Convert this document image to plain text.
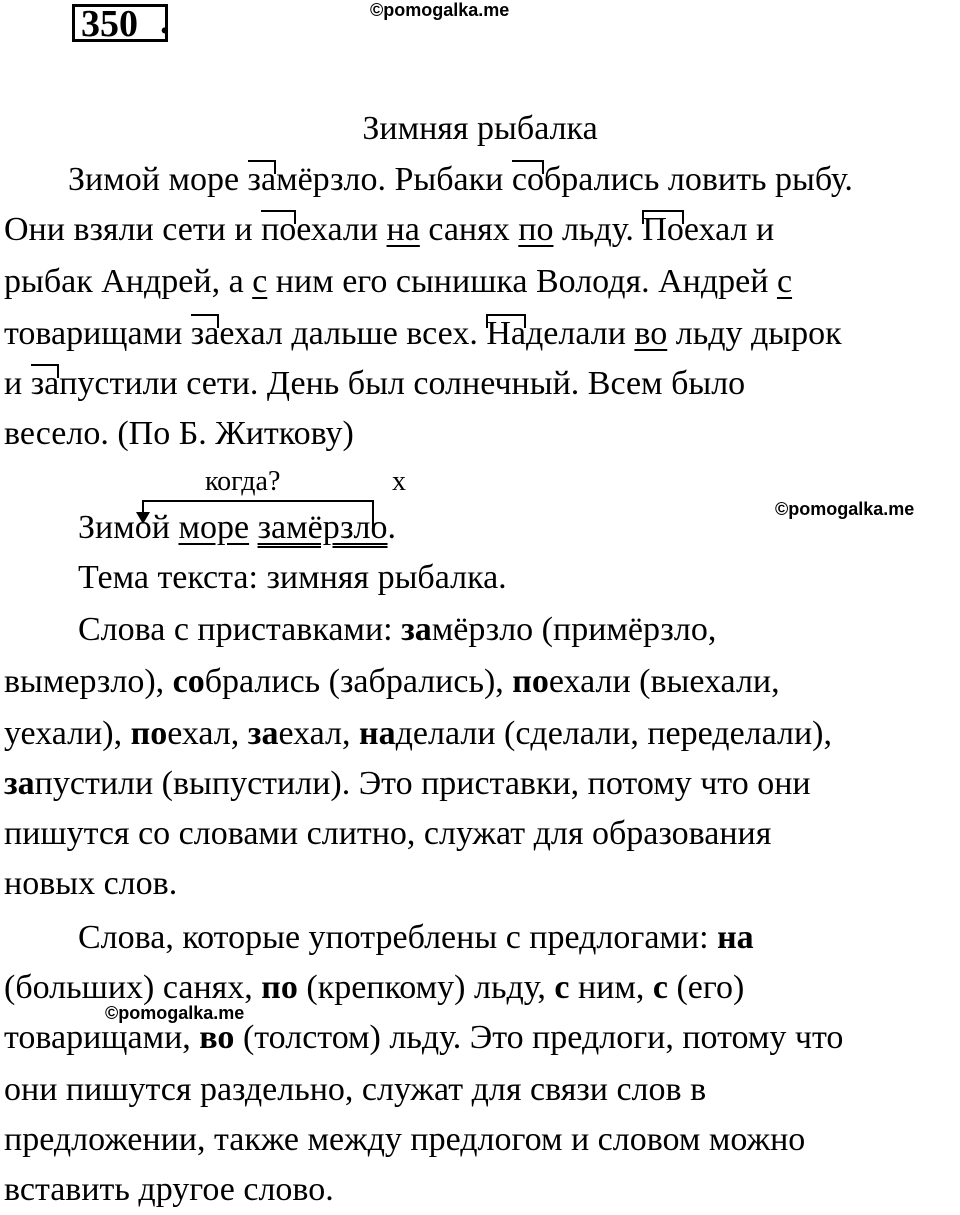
350 .	©pomogalka.me
Зимняя рыбалка
Зимой море замёрзло. Рыбаки собрались ловить рыбу.
Они взяли сети и поехали на санях по льду. Поехал и
рыбак Андрей, а с ним его сынишка Володя. Андрей с
товарищами заехал дальше всех. Наделали во льду дырок
и запустили сети. День был солнечный. Всем было
весело. (По Б. Житкову)
когда?	x
Зимой море замёрзло.	©pomogalka.me
Тема текста: зимняя рыбалка.
Слова с приставками: замёрзло (примёрзло,
вымерзло), собрались (забрались), поехали (выехали,
уехали), поехал, заехал, наделали (сделали, переделали),
запустили (выпустили). Это приставки, потому что они
пишутся со словами слитно, служат для образования
новых слов.
Слова, которые употреблены с предлогами: на
(больших) санях, по (крепкому) льду, с ним, с (его)
©pomogalka.me
товарищами, во (толстом) льду. Это предлоги, потому что
они пишутся раздельно, служат для связи слов в
предложении, также между предлогом и словом можно
вставить другое слово.
